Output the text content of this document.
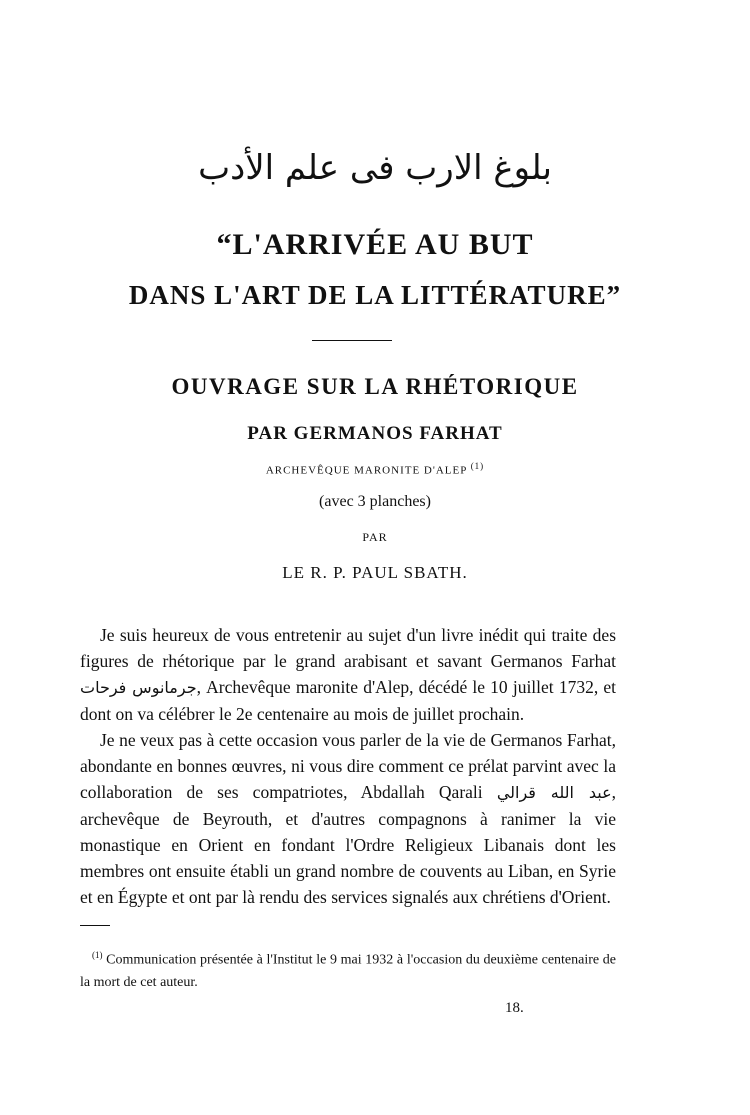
بلوغ الارب فى علم الأدب
“L'ARRIVÉE AU BUT
DANS L'ART DE LA LITTÉRATURE”
OUVRAGE SUR LA RHÉTORIQUE
PAR GERMANOS FARHAT
ARCHEVÊQUE MARONITE D'ALEP $^{(1)}$
(avec 3 planches)
PAR
LE R. P. PAUL SBATH.

Je suis heureux de vous entretenir au sujet d'un livre inédit qui traite des figures de rhétorique par le grand arabisant et savant Germanos Farhat جرمانوس فرحات, Archevêque maronite d'Alep, décédé le 10 juillet 1732, et dont on va célébrer le 2e centenaire au mois de juillet prochain.

Je ne veux pas à cette occasion vous parler de la vie de Germanos Farhat, abondante en bonnes œuvres, ni vous dire comment ce prélat parvint avec la collaboration de ses compatriotes, Abdallah Qarali عبد الله قرالي, archevêque de Beyrouth, et d'autres compagnons à ranimer la vie monastique en Orient en fondant l'Ordre Religieux Libanais dont les membres ont ensuite établi un grand nombre de couvents au Liban, en Syrie et en Égypte et ont par là rendu des services signalés aux chrétiens d'Orient.

$^{(1)}$ Communication présentée à l'Institut le 9 mai 1932 à l'occasion du deuxième centenaire de la mort de cet auteur.

18.
